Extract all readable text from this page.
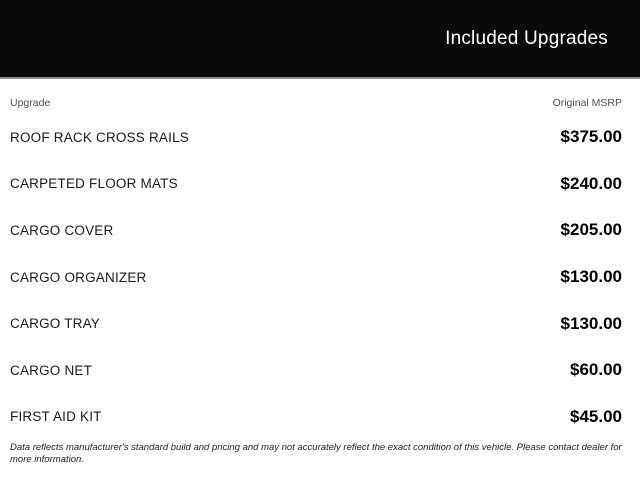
Included Upgrades
Upgrade	Original MSRP
ROOF RACK CROSS RAILS	$375.00
CARPETED FLOOR MATS	$240.00
CARGO COVER	$205.00
CARGO ORGANIZER	$130.00
CARGO TRAY	$130.00
CARGO NET	$60.00
FIRST AID KIT	$45.00
Data reflects manufacturer's standard build and pricing and may not accurately reflect the exact condition of this vehicle. Please contact dealer for more information.
